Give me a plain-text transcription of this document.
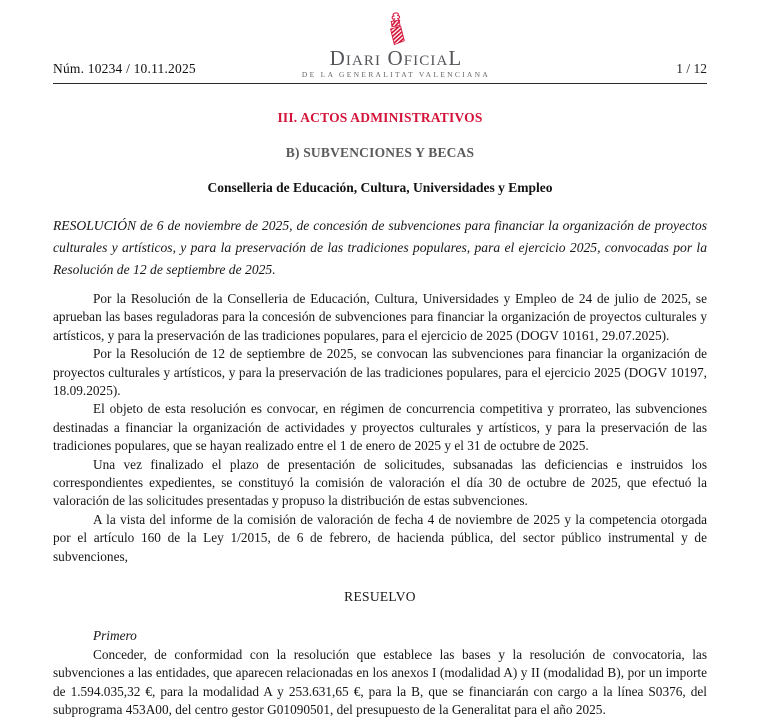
Núm. 10234 / 10.11.2025	Diari OficiaL
DE LA GENERALITAT VALENCIANA	1 / 12
III. ACTOS ADMINISTRATIVOS
B) SUBVENCIONES Y BECAS
Conselleria de Educación, Cultura, Universidades y Empleo

RESOLUCIÓN de 6 de noviembre de 2025, de concesión de subvenciones para financiar la organización de proyectos culturales y artísticos, y para la preservación de las tradiciones populares, para el ejercicio 2025, convocadas por la Resolución de 12 de septiembre de 2025.

Por la Resolución de la Conselleria de Educación, Cultura, Universidades y Empleo de 24 de julio de 2025, se aprueban las bases reguladoras para la concesión de subvenciones para financiar la organización de proyectos culturales y artísticos, y para la preservación de las tradiciones populares, para el ejercicio de 2025 (DOGV 10161, 29.07.2025).

Por la Resolución de 12 de septiembre de 2025, se convocan las subvenciones para financiar la organización de proyectos culturales y artísticos, y para la preservación de las tradiciones populares, para el ejercicio 2025 (DOGV 10197, 18.09.2025).

El objeto de esta resolución es convocar, en régimen de concurrencia competitiva y prorrateo, las subvenciones destinadas a financiar la organización de actividades y proyectos culturales y artísticos, y para la preservación de las tradiciones populares, que se hayan realizado entre el 1 de enero de 2025 y el 31 de octubre de 2025.

Una vez finalizado el plazo de presentación de solicitudes, subsanadas las deficiencias e instruidos los correspondientes expedientes, se constituyó la comisión de valoración el día 30 de octubre de 2025, que efectuó la valoración de las solicitudes presentadas y propuso la distribución de estas subvenciones.

A la vista del informe de la comisión de valoración de fecha 4 de noviembre de 2025 y la competencia otorgada por el artículo 160 de la Ley 1/2015, de 6 de febrero, de hacienda pública, del sector público instrumental y de subvenciones,

RESUELVO

Primero

Conceder, de conformidad con la resolución que establece las bases y la resolución de convocatoria, las subvenciones a las entidades, que aparecen relacionadas en los anexos I (modalidad A) y II (modalidad B), por un importe de 1.594.035,32 €, para la modalidad A y 253.631,65 €, para la B, que se financiarán con cargo a la línea S0376, del subprograma 453A00, del centro gestor G01090501, del presupuesto de la Generalitat para el año 2025.
